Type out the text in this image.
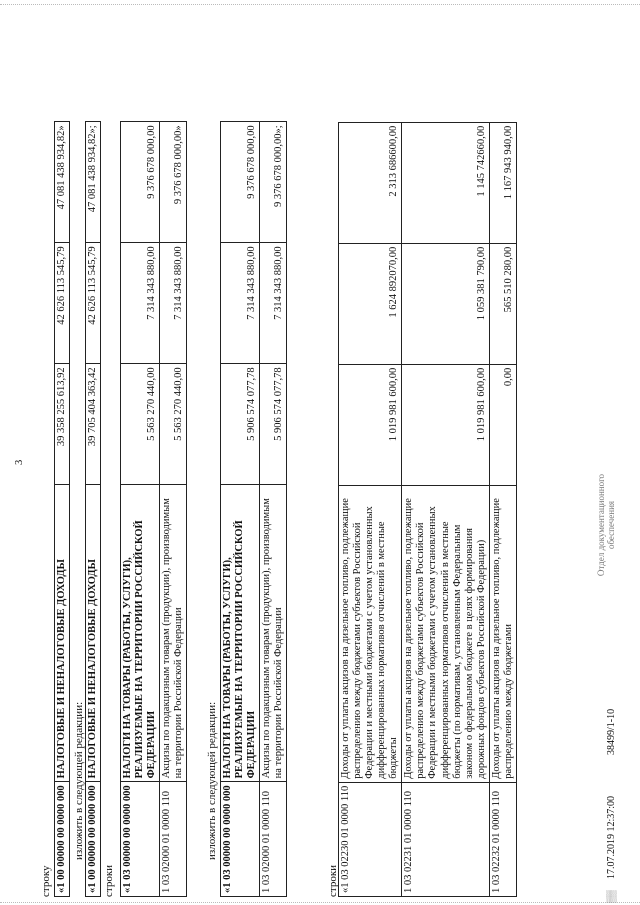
3
строку «1 00 00000 00 0000 000	НАЛОГОВЫЕ И НЕНАЛОГОВЫЕ ДОХОДЫ	39 358 255 613,92	42 626 113 545,79	47 081 438 934,82»
изложить в следующей редакции: «1 00 00000 00 0000 000	НАЛОГОВЫЕ И НЕНАЛОГОВЫЕ ДОХОДЫ	39 705 404 363,42	42 626 113 545,79	47 081 438 934,82»;
строки «1 03 00000 00 0000 000	НАЛОГИ НА ТОВАРЫ (РАБОТЫ, УСЛУГИ), РЕАЛИЗУЕМЫЕ НА ТЕРРИТОРИИ РОССИЙСКОЙ ФЕДЕРАЦИИ	5 563 270 440,00	7 314 343 880,00	9 376 678 000,00
1 03 02000 01 0000 110	Акцизы по подакцизным товарам (продукции), производимым на территории Российской Федерации	5 563 270 440,00	7 314 343 880,00	9 376 678 000,00»
изложить в следующей редакции: «1 03 00000 00 0000 000	НАЛОГИ НА ТОВАРЫ (РАБОТЫ, УСЛУГИ), РЕАЛИЗУЕМЫЕ НА ТЕРРИТОРИИ РОССИЙСКОЙ ФЕДЕРАЦИИ	5 906 574 077,78	7 314 343 880,00	9 376 678 000,00
1 03 02000 01 0000 110	Акцизы по подакцизным товарам (продукции), производимым на территории Российской Федерации	5 906 574 077,78	7 314 343 880,00	9 376 678 000,00»;
строки «1 03 02230 01 0000 110	Доходы от уплаты акцизов на дизельное топливо, подлежащие распределению между бюджетами субъектов Российской Федерации и местными бюджетами с учетом установленных дифференцированных нормативов отчислений в местные бюджеты	1 019 981 600,00	1 624 892070,00	2 313 686600,00
1 03 02231 01 0000 110	Доходы от уплаты акцизов на дизельное топливо, подлежащие распределению между бюджетами субъектов Российской Федерации и местными бюджетами с учетом установленных дифференцированных нормативов отчислений в местные бюджеты (по нормативам, установленным Федеральным законом о федеральном бюджете в целях формирования дорожных фондов субъектов Российской Федерации)	1 019 981 600,00	1 059 381 790,00	1 145 742660,00
1 03 02232 01 0000 110	Доходы от уплаты акцизов на дизельное топливо, подлежащие распределению между бюджетами	0,00	565 510 280,00	1 167 943 940,00
▒▒
17.07.2019 12:37:00
38499/1-10
Отдел документационного обеспечения
